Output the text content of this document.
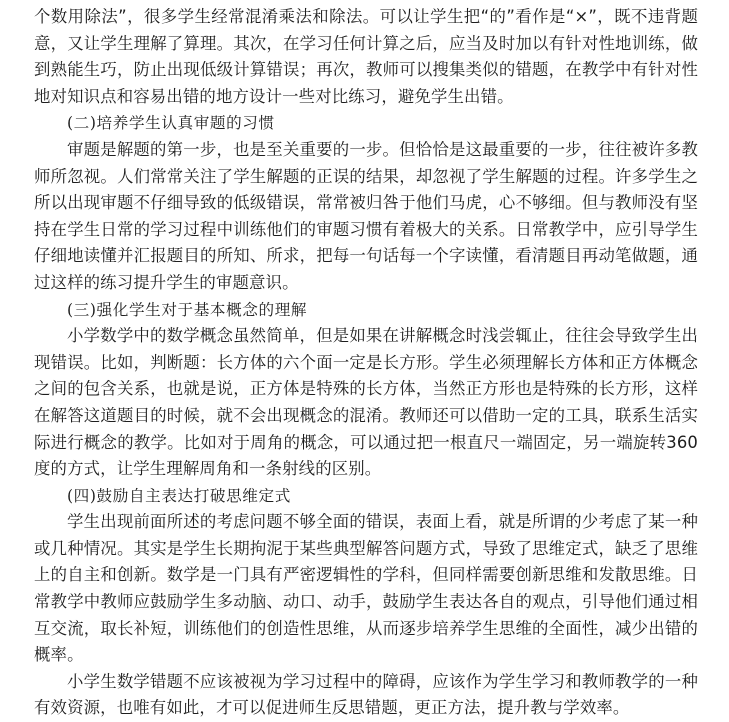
个数用除法”，很多学生经常混淆乘法和除法。可以让学生把“的”看作是“×”，既不违背题意，又让学生理解了算理。其次，在学习任何计算之后，应当及时加以有针对性地训练，做到熟能生巧，防止出现低级计算错误；再次，教师可以搜集类似的错题，在教学中有针对性地对知识点和容易出错的地方设计一些对比练习，避免学生出错。

(二)培养学生认真审题的习惯

审题是解题的第一步，也是至关重要的一步。但恰恰是这最重要的一步，往往被许多教师所忽视。人们常常关注了学生解题的正误的结果，却忽视了学生解题的过程。许多学生之所以出现审题不仔细导致的低级错误，常常被归咎于他们马虎，心不够细。但与教师没有坚持在学生日常的学习过程中训练他们的审题习惯有着极大的关系。日常教学中，应引导学生仔细地读懂并汇报题目的所知、所求，把每一句话每一个字读懂，看清题目再动笔做题，通过这样的练习提升学生的审题意识。

(三)强化学生对于基本概念的理解

小学数学中的数学概念虽然简单，但是如果在讲解概念时浅尝辄止，往往会导致学生出现错误。比如，判断题：长方体的六个面一定是长方形。学生必须理解长方体和正方体概念之间的包含关系，也就是说，正方体是特殊的长方体，当然正方形也是特殊的长方形，这样在解答这道题目的时候，就不会出现概念的混淆。教师还可以借助一定的工具，联系生活实际进行概念的教学。比如对于周角的概念，可以通过把一根直尺一端固定，另一端旋转360度的方式，让学生理解周角和一条射线的区别。

(四)鼓励自主表达打破思维定式

学生出现前面所述的考虑问题不够全面的错误，表面上看，就是所谓的少考虑了某一种或几种情况。其实是学生长期拘泥于某些典型解答问题方式，导致了思维定式，缺乏了思维上的自主和创新。数学是一门具有严密逻辑性的学科，但同样需要创新思维和发散思维。日常教学中教师应鼓励学生多动脑、动口、动手，鼓励学生表达各自的观点，引导他们通过相互交流，取长补短，训练他们的创造性思维，从而逐步培养学生思维的全面性，减少出错的概率。

小学生数学错题不应该被视为学习过程中的障碍，应该作为学生学习和教师教学的一种有效资源，也唯有如此，才可以促进师生反思错题，更正方法，提升教与学效率。
